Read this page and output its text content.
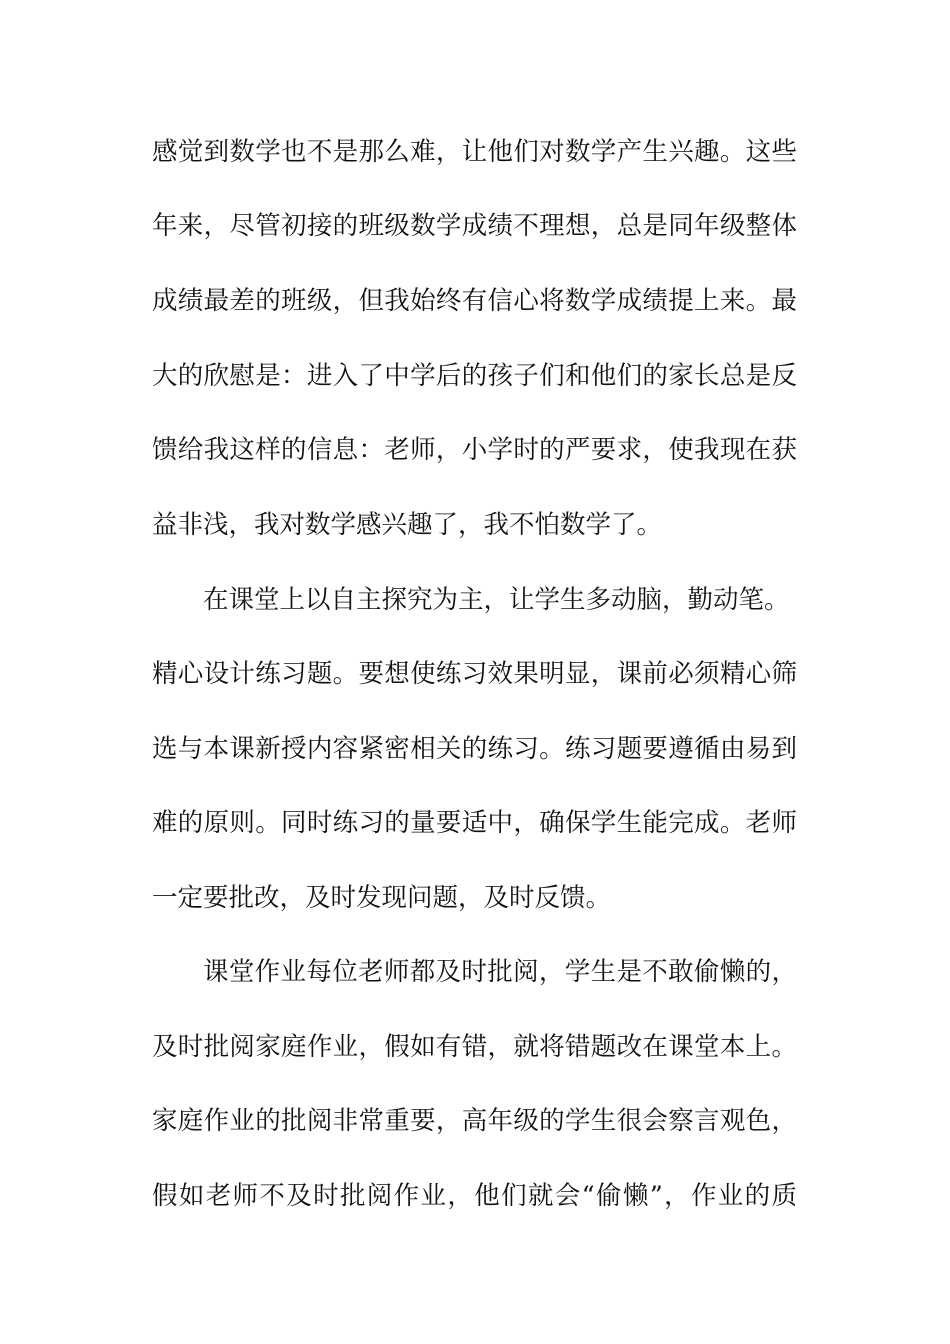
感觉到数学也不是那么难，让他们对数学产生兴趣。这些
年来，尽管初接的班级数学成绩不理想，总是同年级整体
成绩最差的班级，但我始终有信心将数学成绩提上来。最
大的欣慰是：进入了中学后的孩子们和他们的家长总是反
馈给我这样的信息：老师，小学时的严要求，使我现在获
益非浅，我对数学感兴趣了，我不怕数学了。
在课堂上以自主探究为主，让学生多动脑，勤动笔。
精心设计练习题。要想使练习效果明显，课前必须精心筛
选与本课新授内容紧密相关的练习。练习题要遵循由易到
难的原则。同时练习的量要适中，确保学生能完成。老师
一定要批改，及时发现问题，及时反馈。
课堂作业每位老师都及时批阅，学生是不敢偷懒的，
及时批阅家庭作业，假如有错，就将错题改在课堂本上。
家庭作业的批阅非常重要，高年级的学生很会察言观色，
假如老师不及时批阅作业，他们就会“偷懒”，作业的质
